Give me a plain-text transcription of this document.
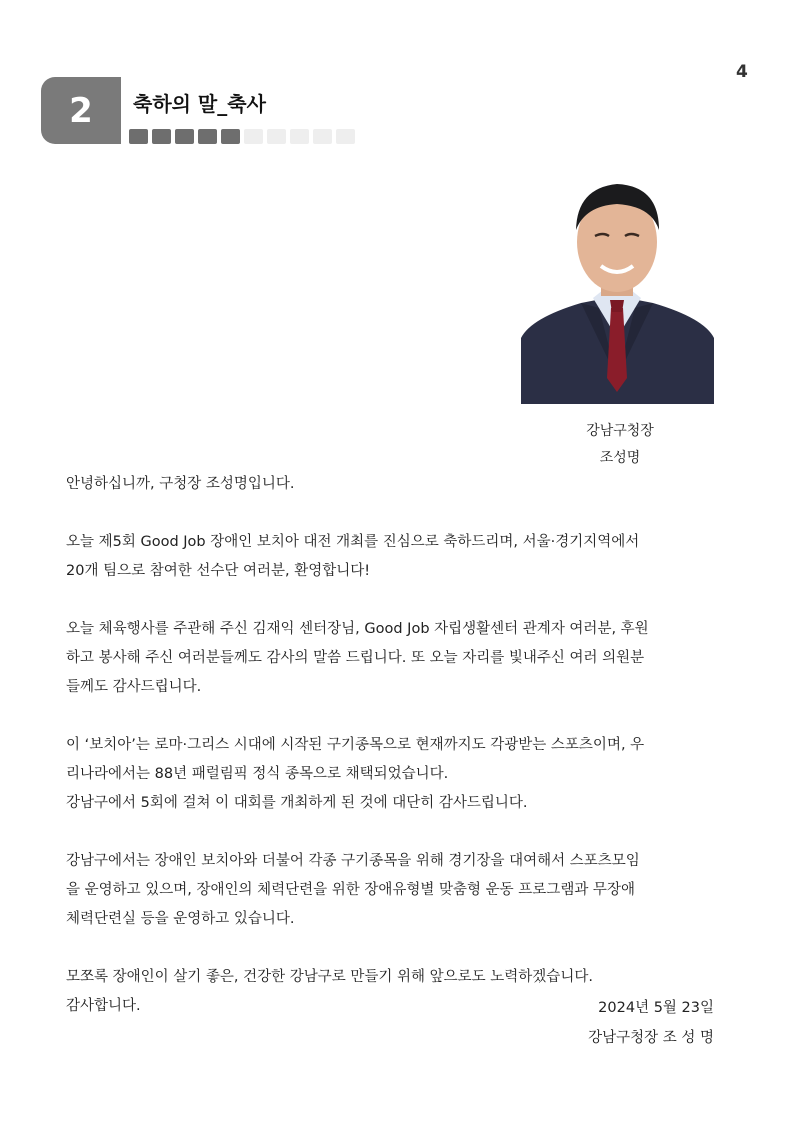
4
2	축하의 말_축사
강남구청장
조성명

안녕하십니까, 구청장 조성명입니다.

오늘 제5회 Good Job 장애인 보치아 대전 개최를 진심으로 축하드리며, 서울·경기지역에서
20개 팀으로 참여한 선수단 여러분, 환영합니다!

오늘 체육행사를 주관해 주신 김재익 센터장님, Good Job 자립생활센터 관계자 여러분, 후원
하고 봉사해 주신 여러분들께도 감사의 말씀 드립니다. 또 오늘 자리를 빛내주신 여러 의원분
들께도 감사드립니다.

이 ‘보치아’는 로마·그리스 시대에 시작된 구기종목으로 현재까지도 각광받는 스포츠이며, 우
리나라에서는 88년 패럴림픽 정식 종목으로 채택되었습니다.
강남구에서 5회에 걸쳐 이 대회를 개최하게 된 것에 대단히 감사드립니다.

강남구에서는 장애인 보치아와 더불어 각종 구기종목을 위해 경기장을 대여해서 스포츠모임
을 운영하고 있으며, 장애인의 체력단련을 위한 장애유형별 맞춤형 운동 프로그램과 무장애
체력단련실 등을 운영하고 있습니다.

모쪼록 장애인이 살기 좋은, 건강한 강남구로 만들기 위해 앞으로도 노력하겠습니다.
감사합니다.	2024년 5월 23일
강남구청장 조 성 명
